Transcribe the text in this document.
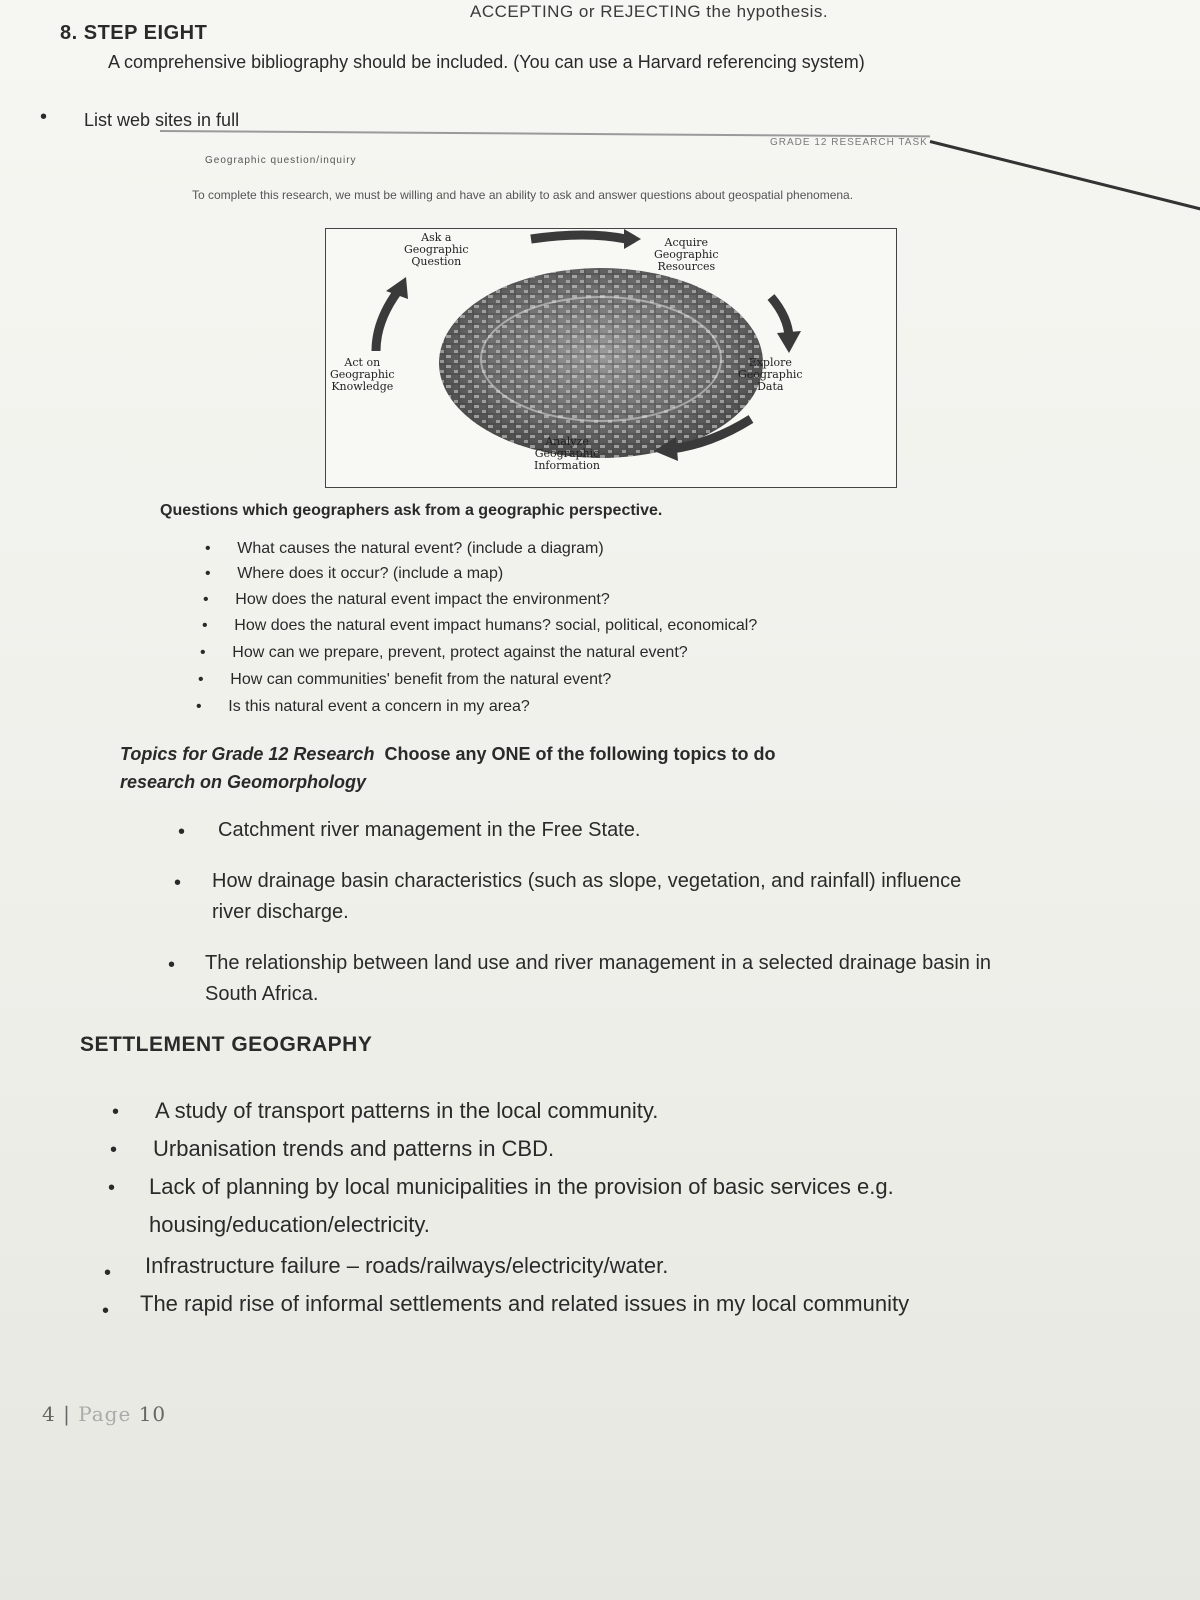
ACCEPTING or REJECTING the hypothesis.
8. STEP EIGHT
A comprehensive bibliography should be included. (You can use a Harvard referencing system)
• List web sites in full
GRADE 12 RESEARCH TASK
Geographic question/inquiry
To complete this research, we must be willing and have an ability to ask and answer questions about geospatial phenomena.
Ask a
Geographic
Question
Acquire
Geographic
Resources
Explore
Geographic
Data
Analyze
Geographic
Information
Act on
Geographic
Knowledge
Questions which geographers ask from a geographic perspective.
•      What causes the natural event? (include a diagram)
•      Where does it occur? (include a map)
•      How does the natural event impact the environment?
•      How does the natural event impact humans? social, political, economical?
•      How can we prepare, prevent, protect against the natural event?
•      How can communities' benefit from the natural event?
•      Is this natural event a concern in my area?
Topics for Grade 12 Research Choose any ONE of the following topics to do
research on Geomorphology
• Catchment river management in the Free State.
• How drainage basin characteristics (such as slope, vegetation, and rainfall) influence river discharge.
• The relationship between land use and river management in a selected drainage basin in South Africa.
SETTLEMENT GEOGRAPHY
• A study of transport patterns in the local community.
• Urbanisation trends and patterns in CBD.
• Lack of planning by local municipalities in the provision of basic services e.g. housing/education/electricity.
• Infrastructure failure – roads/railways/electricity/water.
• The rapid rise of informal settlements and related issues in my local community
4 | Page 10
